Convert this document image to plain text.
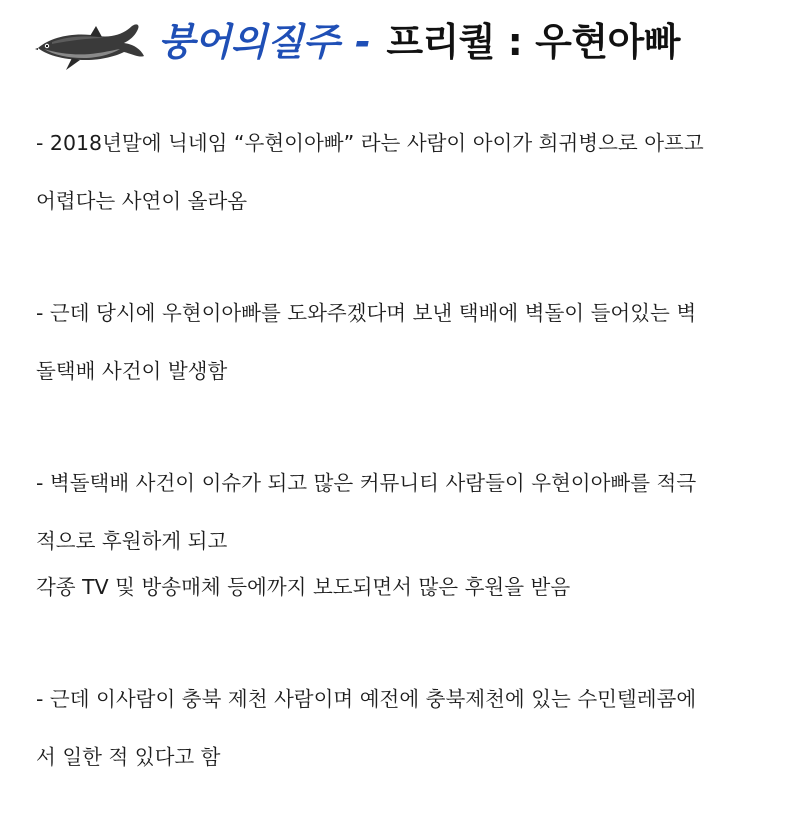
붕어의질주 - 프리퀄 : 우현아빠
- 2018년말에 닉네임 “우현이아빠” 라는 사람이 아이가 희귀병으로 아프고
어렵다는 사연이 올라옴
- 근데 당시에 우현이아빠를 도와주겠다며 보낸 택배에 벽돌이 들어있는 벽
돌택배 사건이 발생함
- 벽돌택배 사건이 이슈가 되고 많은 커뮤니티 사람들이 우현이아빠를 적극
적으로 후원하게 되고
각종 TV 및 방송매체 등에까지 보도되면서 많은 후원을 받음
- 근데 이사람이 충북 제천 사람이며 예전에 충북제천에 있는 수민텔레콤에
서 일한 적 있다고 함
